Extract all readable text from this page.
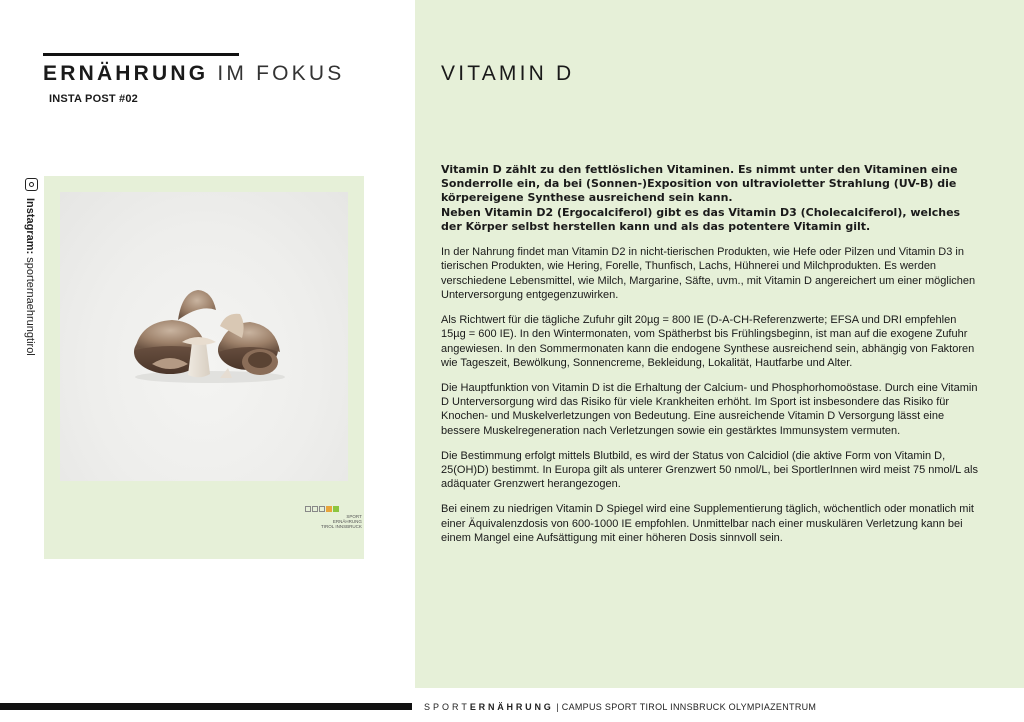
ERNÄHRUNG IM FOKUS
INSTA POST #02
Instagram: sporternaehrungtirol
SPORT
ERNÄHRUNG
TIROL INNSBRUCK
VITAMIN D

Vitamin D zählt zu den fettlöslichen Vitaminen. Es nimmt unter den Vitaminen eine Sonderrolle ein, da bei (Sonnen-)Exposition von ultravioletter Strahlung (UV-B) die körpereigene Synthese ausreichend sein kann.
Neben Vitamin D2 (Ergocalciferol) gibt es das Vitamin D3 (Cholecalciferol), welches der Körper selbst herstellen kann und als das potentere Vitamin gilt.

In der Nahrung findet man Vitamin D2 in nicht-tierischen Produkten, wie Hefe oder Pilzen und Vitamin D3 in tierischen Produkten, wie Hering, Forelle, Thunfisch, Lachs, Hühnerei und Milchprodukten. Es werden verschiedene Lebensmittel, wie Milch, Margarine, Säfte, uvm., mit Vitamin D angereichert um einer möglichen Unterversorgung entgegenzuwirken.

Als Richtwert für die tägliche Zufuhr gilt 20µg = 800 IE (D-A-CH-Referenzwerte; EFSA und DRI empfehlen 15µg = 600 IE). In den Wintermonaten, vom Spätherbst bis Frühlingsbeginn, ist man auf die exogene Zufuhr angewiesen. In den Sommermonaten kann die endogene Synthese ausreichend sein, abhängig von Faktoren wie Tageszeit, Bewölkung, Sonnencreme, Bekleidung, Lokalität, Hautfarbe und Alter.

Die Hauptfunktion von Vitamin D ist die Erhaltung der Calcium- und Phosphorhomoöstase. Durch eine Vitamin D Unterversorgung wird das Risiko für viele Krankheiten erhöht. Im Sport ist insbesondere das Risiko für Knochen- und Muskelverletzungen von Bedeutung. Eine ausreichende Vitamin D Versorgung lässt eine bessere Muskelregeneration nach Verletzungen sowie ein gestärktes Immunsystem vermuten.

Die Bestimmung erfolgt mittels Blutbild, es wird der Status von Calcidiol (die aktive Form von Vitamin D, 25(OH)D) bestimmt. In Europa gilt als unterer Grenzwert 50 nmol/L, bei SportlerInnen wird meist 75 nmol/L als adäquater Grenzwert herangezogen.

Bei einem zu niedrigen Vitamin D Spiegel wird eine Supplementierung täglich, wöchentlich oder monatlich mit einer Äquivalenzdosis von 600-1000 IE empfohlen. Unmittelbar nach einer muskulären Verletzung kann bei einem Mangel eine Aufsättigung mit einer höheren Dosis sinnvoll sein.

SPORTERNÄHRUNG | CAMPUS SPORT TIROL INNSBRUCK OLYMPIAZENTRUM
